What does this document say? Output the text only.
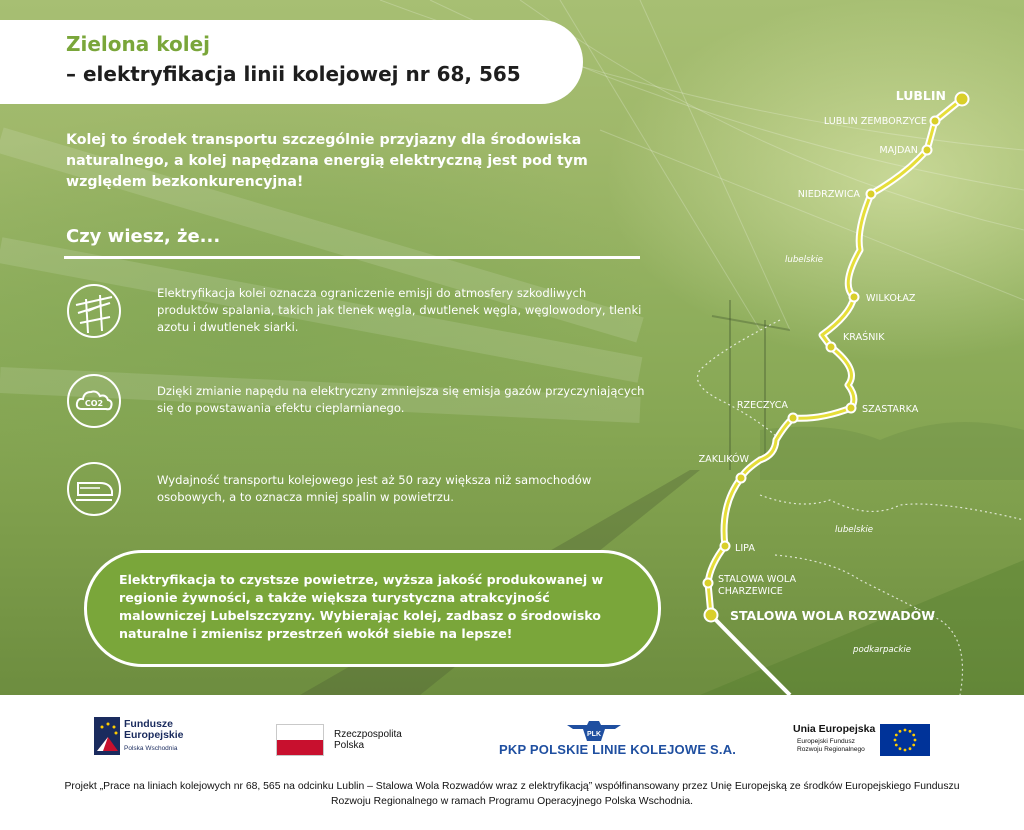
Zielona kolej
– elektryfikacja linii kolejowej nr 68, 565
Kolej to środek transportu szczególnie przyjazny dla środowiska naturalnego, a kolej napędzana energią elektryczną jest pod tym względem bezkonkurencyjna!
Czy wiesz, że...
Elektryfikacja kolei oznacza ograniczenie emisji do atmosfery szkodliwych produktów spalania, takich jak tlenek węgla, dwutlenek węgla, węglowodory, tlenki azotu i dwutlenek siarki.
CO2
Dzięki zmianie napędu na elektryczny zmniejsza się emisja gazów przyczyniających się do powstawania efektu cieplarnianego.
Wydajność transportu kolejowego jest aż 50 razy większa niż samochodów osobowych, a to oznacza mniej spalin w powietrzu.
Elektryfikacja to czystsze powietrze, wyższa jakość produkowanej w regionie żywności, a także większa turystyczna atrakcyjność malowniczej Lubelszczyzny. Wybierając kolej, zadbasz o środowisko naturalne i zmienisz przestrzeń wokół siebie na lepsze!
LUBLIN
LUBLIN ZEMBORZYCE
MAJDAN
NIEDRZWICA
WILKOŁAZ
KRAŚNIK
SZASTARKA
RZECZYCA
ZAKLIKÓW
LIPA
STALOWA WOLA
CHARZEWICE
STALOWA WOLA ROZWADÓW
lubelskie
lubelskie
podkarpackie
Fundusze
Europejskie
Polska Wschodnia
Rzeczpospolita
Polska
PLK
PKP POLSKIE LINIE KOLEJOWE S.A.
Unia Europejska
Europejski Fundusz
Rozwoju Regionalnego
Projekt „Prace na liniach kolejowych nr 68, 565 na odcinku Lublin – Stalowa Wola Rozwadów wraz z elektryfikacją” współfinansowany przez Unię Europejską ze środków Europejskiego Funduszu Rozwoju Regionalnego w ramach Programu Operacyjnego Polska Wschodnia.
